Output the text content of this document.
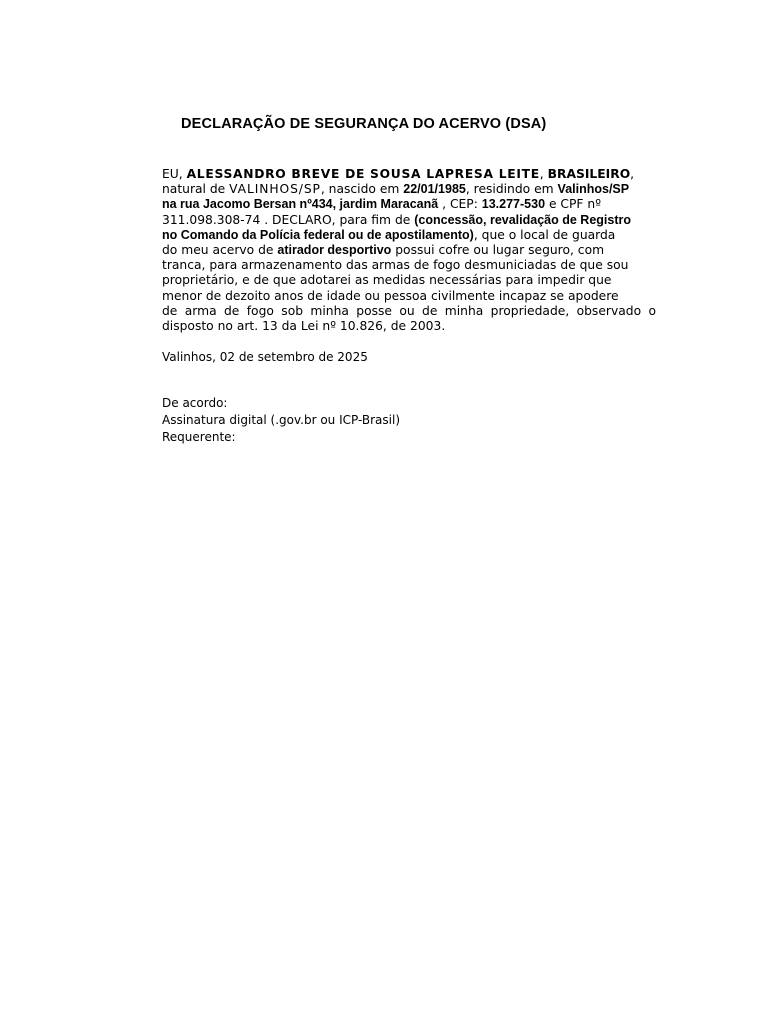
DECLARAÇÃO DE SEGURANÇA DO ACERVO (DSA)
EU, ALESSANDRO BREVE DE SOUSA LAPRESA LEITE, BRASILEIRO,
natural de VALINHOS/SP, nascido em 22/01/1985, residindo em Valinhos/SP
na rua Jacomo Bersan nº434, jardim Maracanã , CEP: 13.277-530 e CPF nº
311.098.308-74 . DECLARO, para fim de (concessão, revalidação de Registro
no Comando da Polícia federal ou de apostilamento), que o local de guarda
do meu acervo de atirador desportivo possui cofre ou lugar seguro, com
tranca, para armazenamento das armas de fogo desmuniciadas de que sou
proprietário, e de que adotarei as medidas necessárias para impedir que
menor de dezoito anos de idade ou pessoa civilmente incapaz se apodere
de arma de fogo sob minha posse ou de minha propriedade, observado o
disposto no art. 13 da Lei nº 10.826, de 2003.
Valinhos, 02 de setembro de 2025
De acordo:
Assinatura digital (.gov.br ou ICP-Brasil)
Requerente:
